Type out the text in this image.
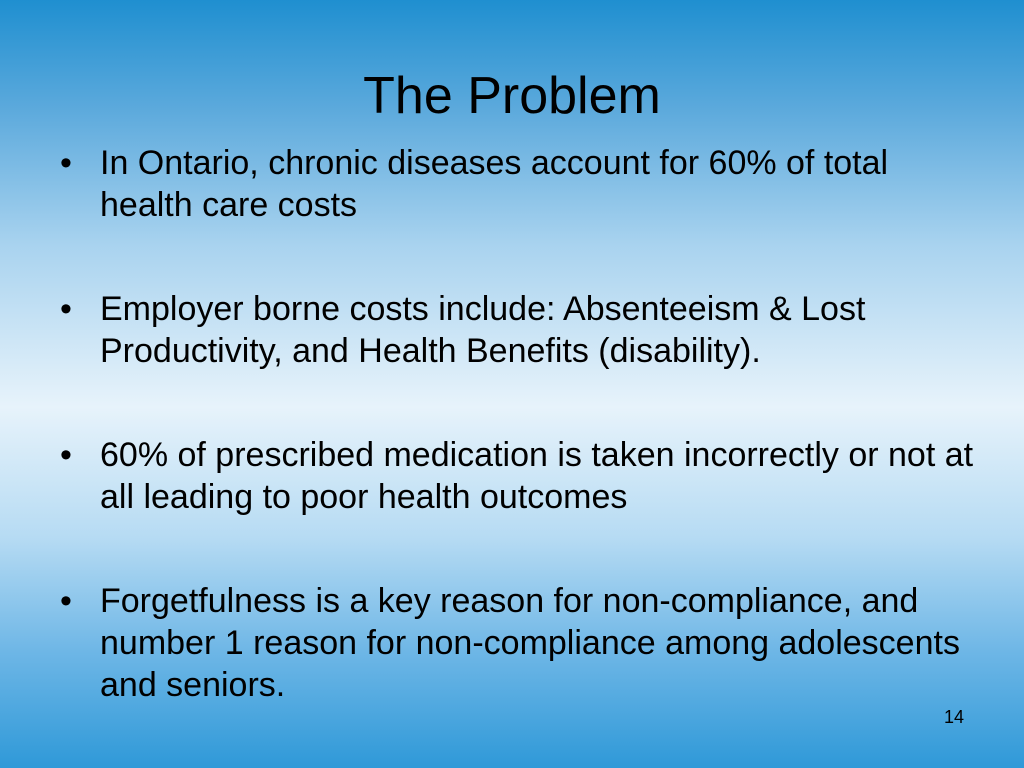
The Problem
• In Ontario, chronic diseases account for 60% of total health care costs
• Employer borne costs include: Absenteeism & Lost Productivity, and Health Benefits (disability).
• 60% of prescribed medication is taken incorrectly or not at all leading to poor health outcomes
• Forgetfulness is a key reason for non-compliance, and number 1 reason for non-compliance among adolescents and seniors.
14
